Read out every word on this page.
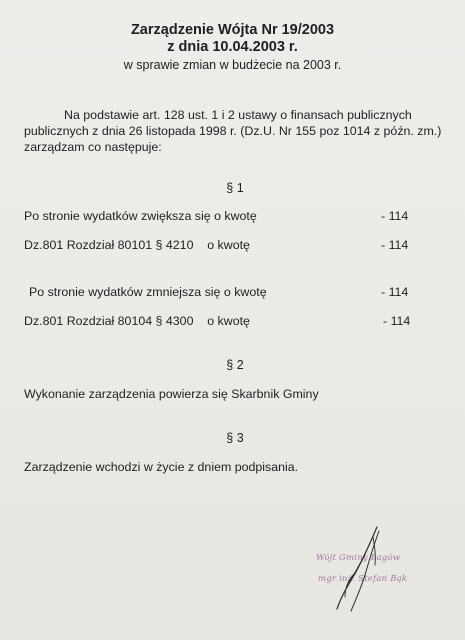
Zarządzenie Wójta Nr 19/2003
z dnia 10.04.2003 r.
w sprawie zmian w budżecie na 2003 r.
Na podstawie art. 128 ust. 1 i 2 ustawy o finansach publicznych publicznych z dnia 26 listopada 1998 r. (Dz.U. Nr 155 poz 1014 z późn. zm.) zarządzam co następuje:
§ 1
Po stronie wydatków zwiększa się o kwotę	- 114
Dz.801 Rozdział 80101 § 4210    o kwotę	- 114
Po stronie wydatków zmniejsza się o kwotę	- 114
Dz.801 Rozdział 80104 § 4300    o kwotę	- 114
§ 2
Wykonanie zarządzenia powierza się Skarbnik Gminy
§ 3
Zarządzenie wchodzi w życie z dniem podpisania.
Wójt Gminy Łagów
mgr inż. Stefan Bąk
